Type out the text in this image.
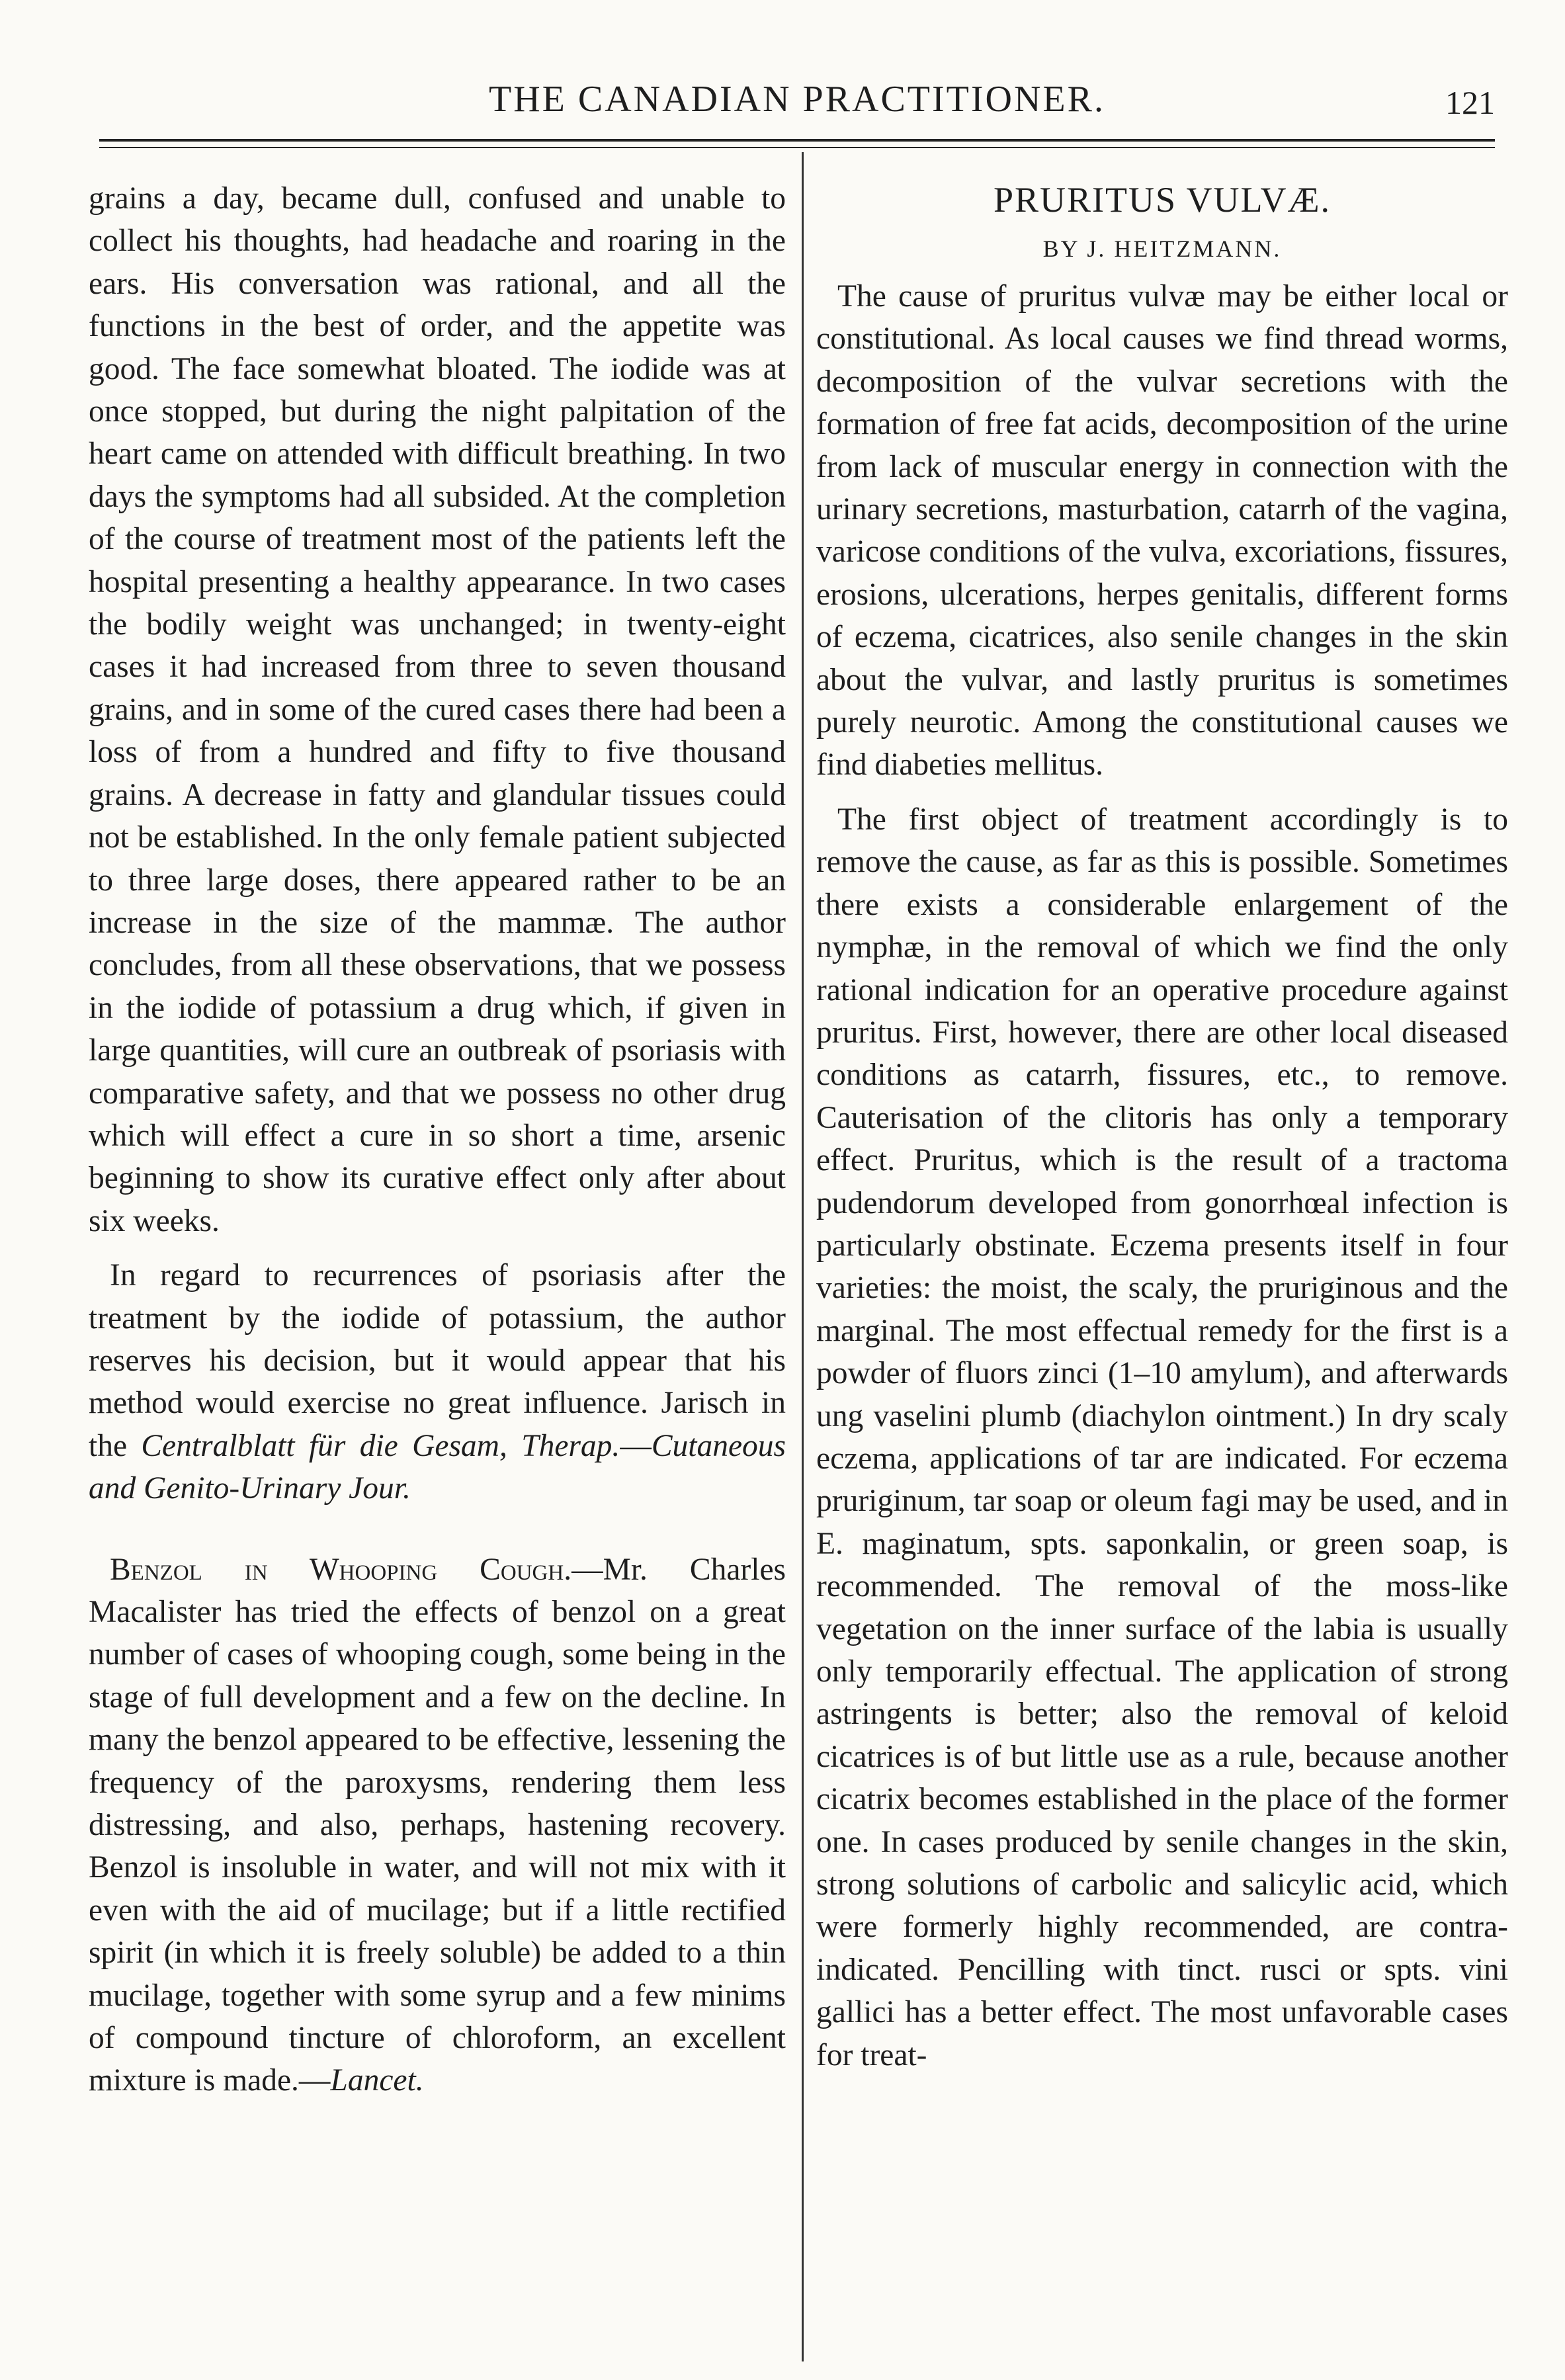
THE CANADIAN PRACTITIONER.	121

grains a day, became dull, confused and unable to collect his thoughts, had headache and roaring in the ears. His conversation was rational, and all the functions in the best of order, and the appetite was good. The face somewhat bloated. The iodide was at once stopped, but during the night palpitation of the heart came on attended with difficult breathing. In two days the symptoms had all subsided. At the completion of the course of treatment most of the patients left the hospital presenting a healthy appearance. In two cases the bodily weight was unchanged; in twenty-eight cases it had increased from three to seven thousand grains, and in some of the cured cases there had been a loss of from a hundred and fifty to five thousand grains. A decrease in fatty and glandular tissues could not be established. In the only female patient subjected to three large doses, there appeared rather to be an increase in the size of the mammæ. The author concludes, from all these observations, that we possess in the iodide of potassium a drug which, if given in large quantities, will cure an outbreak of psoriasis with comparative safety, and that we possess no other drug which will effect a cure in so short a time, arsenic beginning to show its curative effect only after about six weeks.

In regard to recurrences of psoriasis after the treatment by the iodide of potassium, the author reserves his decision, but it would appear that his method would exercise no great influence. Jarisch in the Centralblatt für die Gesam, Therap.—Cutaneous and Genito-Urinary Jour.

Benzol in Whooping Cough.—Mr. Charles Macalister has tried the effects of benzol on a great number of cases of whooping cough, some being in the stage of full development and a few on the decline. In many the benzol appeared to be effective, lessening the frequency of the paroxysms, rendering them less distressing, and also, perhaps, hastening recovery. Benzol is insoluble in water, and will not mix with it even with the aid of mucilage; but if a little rectified spirit (in which it is freely soluble) be added to a thin mucilage, together with some syrup and a few minims of compound tincture of chloroform, an excellent mixture is made.—Lancet.

PRURITUS VULVÆ.

BY J. HEITZMANN.

The cause of pruritus vulvæ may be either local or constitutional. As local causes we find thread worms, decomposition of the vulvar secretions with the formation of free fat acids, decomposition of the urine from lack of muscular energy in connection with the urinary secretions, masturbation, catarrh of the vagina, varicose conditions of the vulva, excoriations, fissures, erosions, ulcerations, herpes genitalis, different forms of eczema, cicatrices, also senile changes in the skin about the vulvar, and lastly pruritus is sometimes purely neurotic. Among the constitutional causes we find diabeties mellitus.

The first object of treatment accordingly is to remove the cause, as far as this is possible. Sometimes there exists a considerable enlargement of the nymphæ, in the removal of which we find the only rational indication for an operative procedure against pruritus. First, however, there are other local diseased conditions as catarrh, fissures, etc., to remove. Cauterisation of the clitoris has only a temporary effect. Pruritus, which is the result of a tractoma pudendorum developed from gonorrhœal infection is particularly obstinate. Eczema presents itself in four varieties: the moist, the scaly, the pruriginous and the marginal. The most effectual remedy for the first is a powder of fluors zinci (1–10 amylum), and afterwards ung vaselini plumb (diachylon ointment.) In dry scaly eczema, applications of tar are indicated. For eczema pruriginum, tar soap or oleum fagi may be used, and in E. maginatum, spts. saponkalin, or green soap, is recommended. The removal of the moss-like vegetation on the inner surface of the labia is usually only temporarily effectual. The application of strong astringents is better; also the removal of keloid cicatrices is of but little use as a rule, because another cicatrix becomes established in the place of the former one. In cases produced by senile changes in the skin, strong solutions of carbolic and salicylic acid, which were formerly highly recommended, are contra-indicated. Pencilling with tinct. rusci or spts. vini gallici has a better effect. The most unfavorable cases for treat-
